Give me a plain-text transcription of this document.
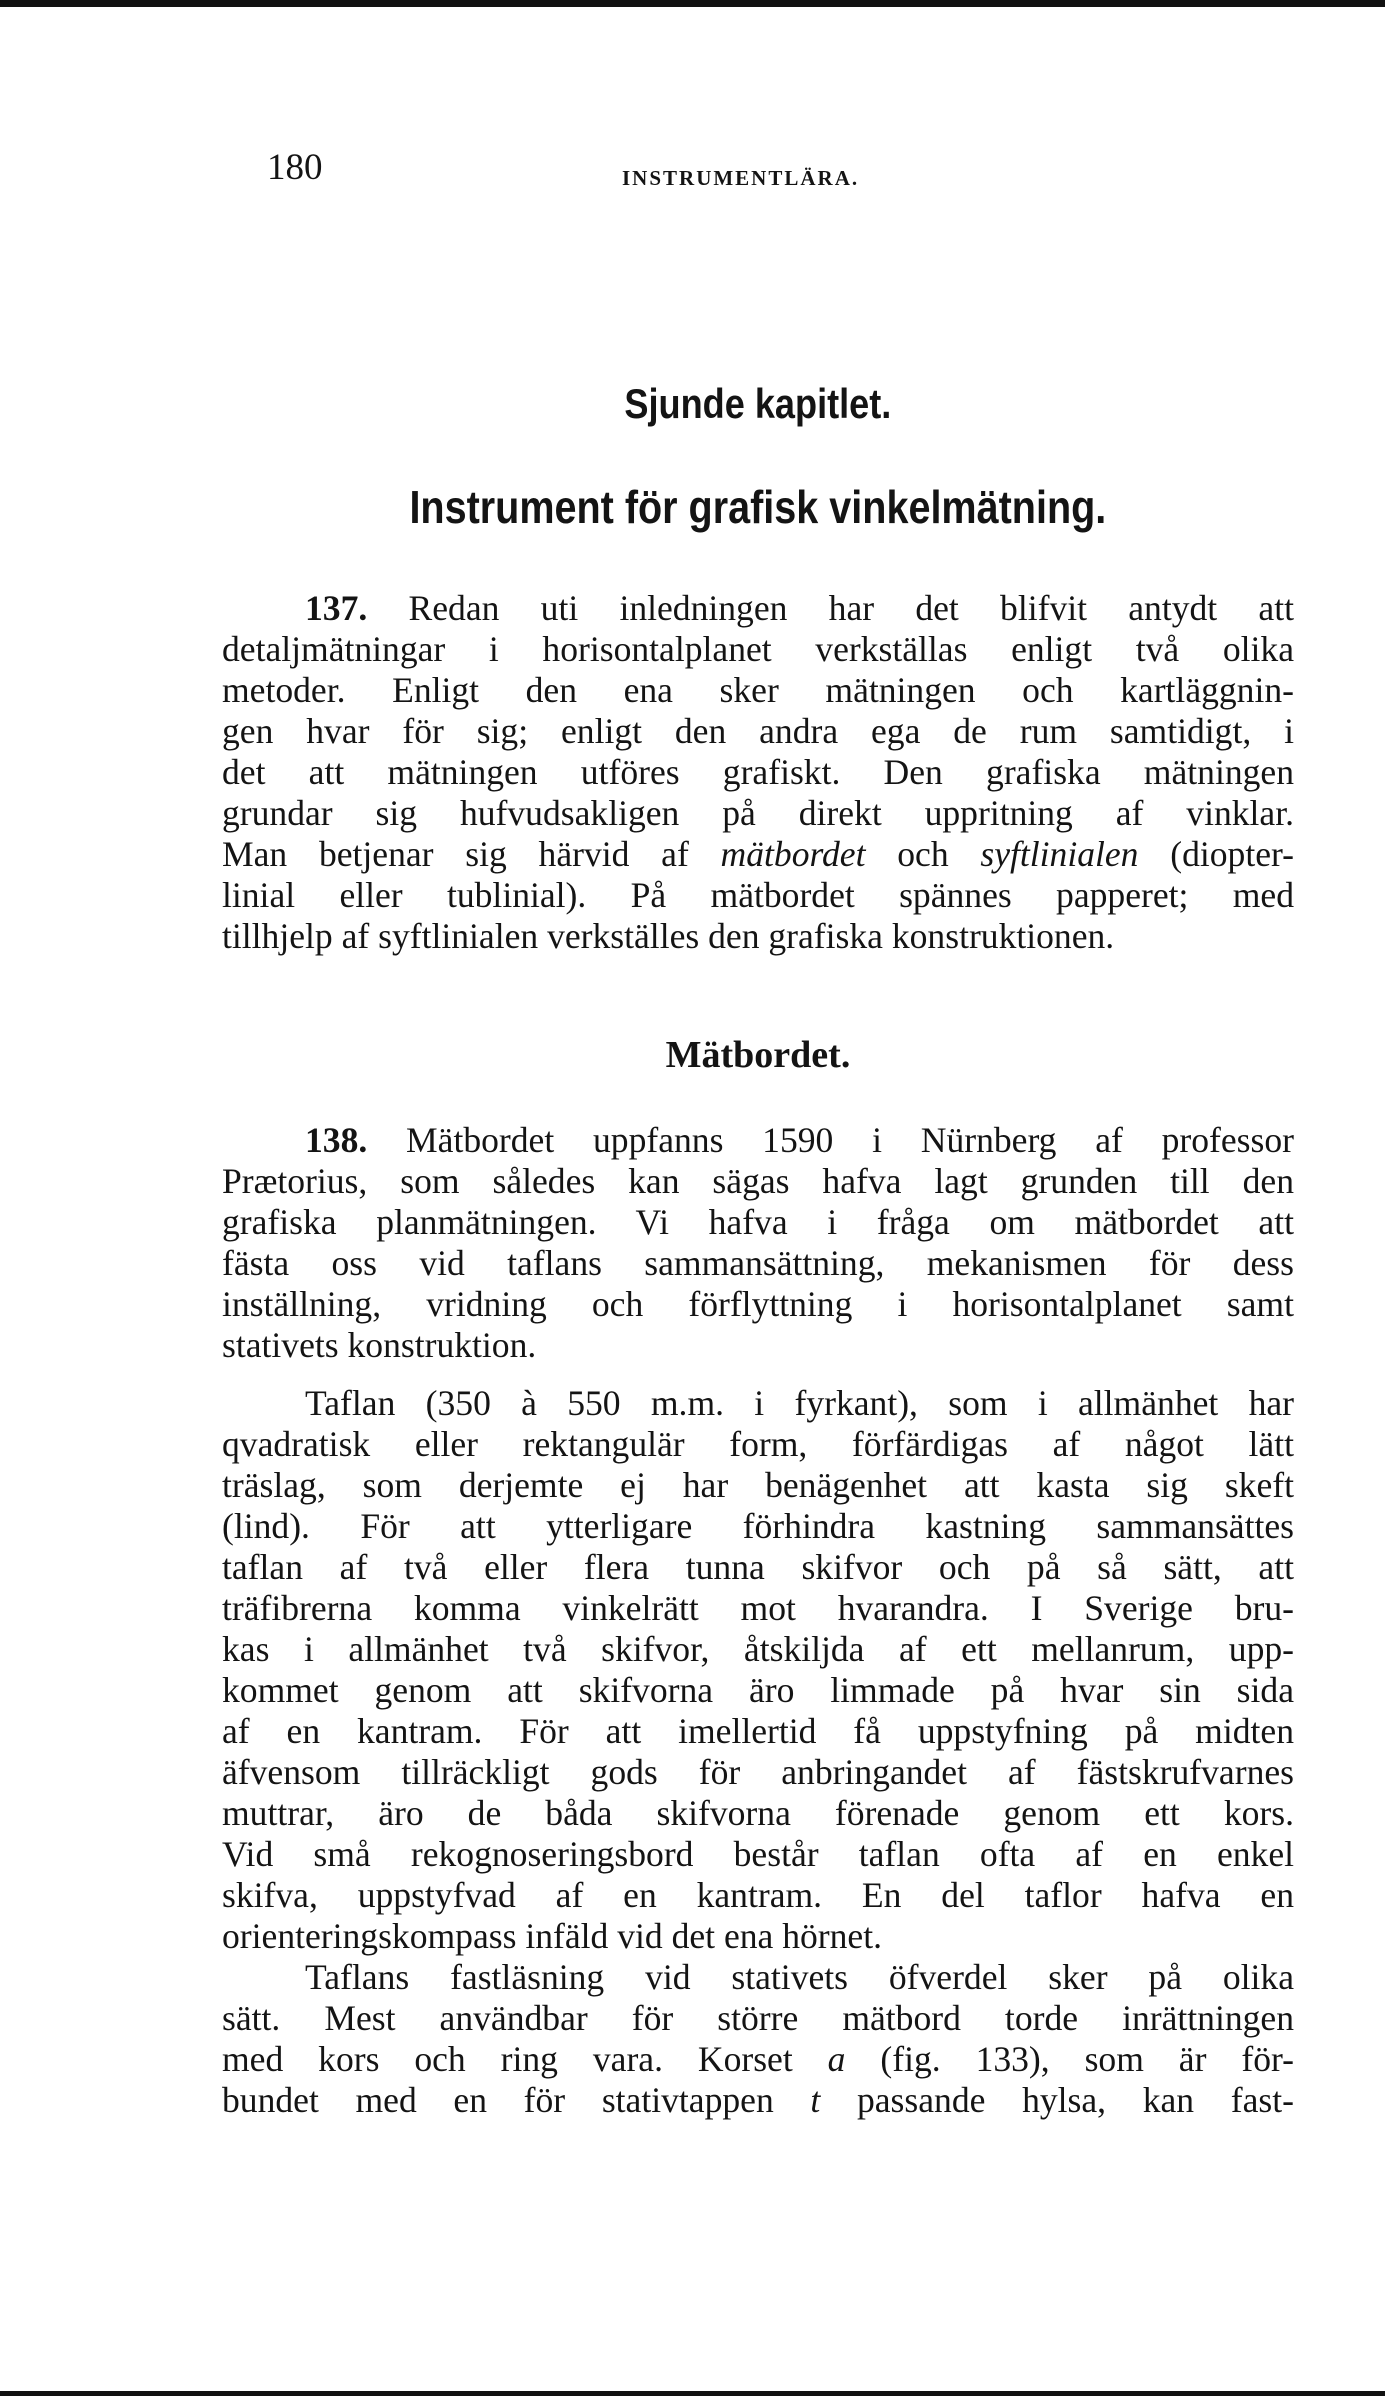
180	INSTRUMENTLÄRA.
Sjunde kapitlet.
Instrument för grafisk vinkelmätning.
137. Redan uti inledningen har det blifvit antydt att
detaljmätningar i horisontalplanet verkställas enligt två olika
metoder. Enligt den ena sker mätningen och kartläggnin-
gen hvar för sig; enligt den andra ega de rum samtidigt, i
det att mätningen utföres grafiskt. Den grafiska mätningen
grundar sig hufvudsakligen på direkt uppritning af vinklar.
Man betjenar sig härvid af mätbordet och syftlinialen (diopter-
linial eller tublinial). På mätbordet spännes papperet; med
tillhjelp af syftlinialen verkställes den grafiska konstruktionen.
Mätbordet.
138. Mätbordet uppfanns 1590 i Nürnberg af professor
Prætorius, som således kan sägas hafva lagt grunden till den
grafiska planmätningen. Vi hafva i fråga om mätbordet att
fästa oss vid taflans sammansättning, mekanismen för dess
inställning, vridning och förflyttning i horisontalplanet samt
stativets konstruktion.
Taflan (350 à 550 m.m. i fyrkant), som i allmänhet har
qvadratisk eller rektangulär form, förfärdigas af något lätt
träslag, som derjemte ej har benägenhet att kasta sig skeft
(lind). För att ytterligare förhindra kastning sammansättes
taflan af två eller flera tunna skifvor och på så sätt, att
träfibrerna komma vinkelrätt mot hvarandra. I Sverige bru-
kas i allmänhet två skifvor, åtskiljda af ett mellanrum, upp-
kommet genom att skifvorna äro limmade på hvar sin sida
af en kantram. För att imellertid få uppstyfning på midten
äfvensom tillräckligt gods för anbringandet af fästskrufvarnes
muttrar, äro de båda skifvorna förenade genom ett kors.
Vid små rekognoseringsbord består taflan ofta af en enkel
skifva, uppstyfvad af en kantram. En del taflor hafva en
orienteringskompass infäld vid det ena hörnet.
Taflans fastläsning vid stativets öfverdel sker på olika
sätt. Mest användbar för större mätbord torde inrättningen
med kors och ring vara. Korset a (fig. 133), som är för-
bundet med en för stativtappen t passande hylsa, kan fast-
